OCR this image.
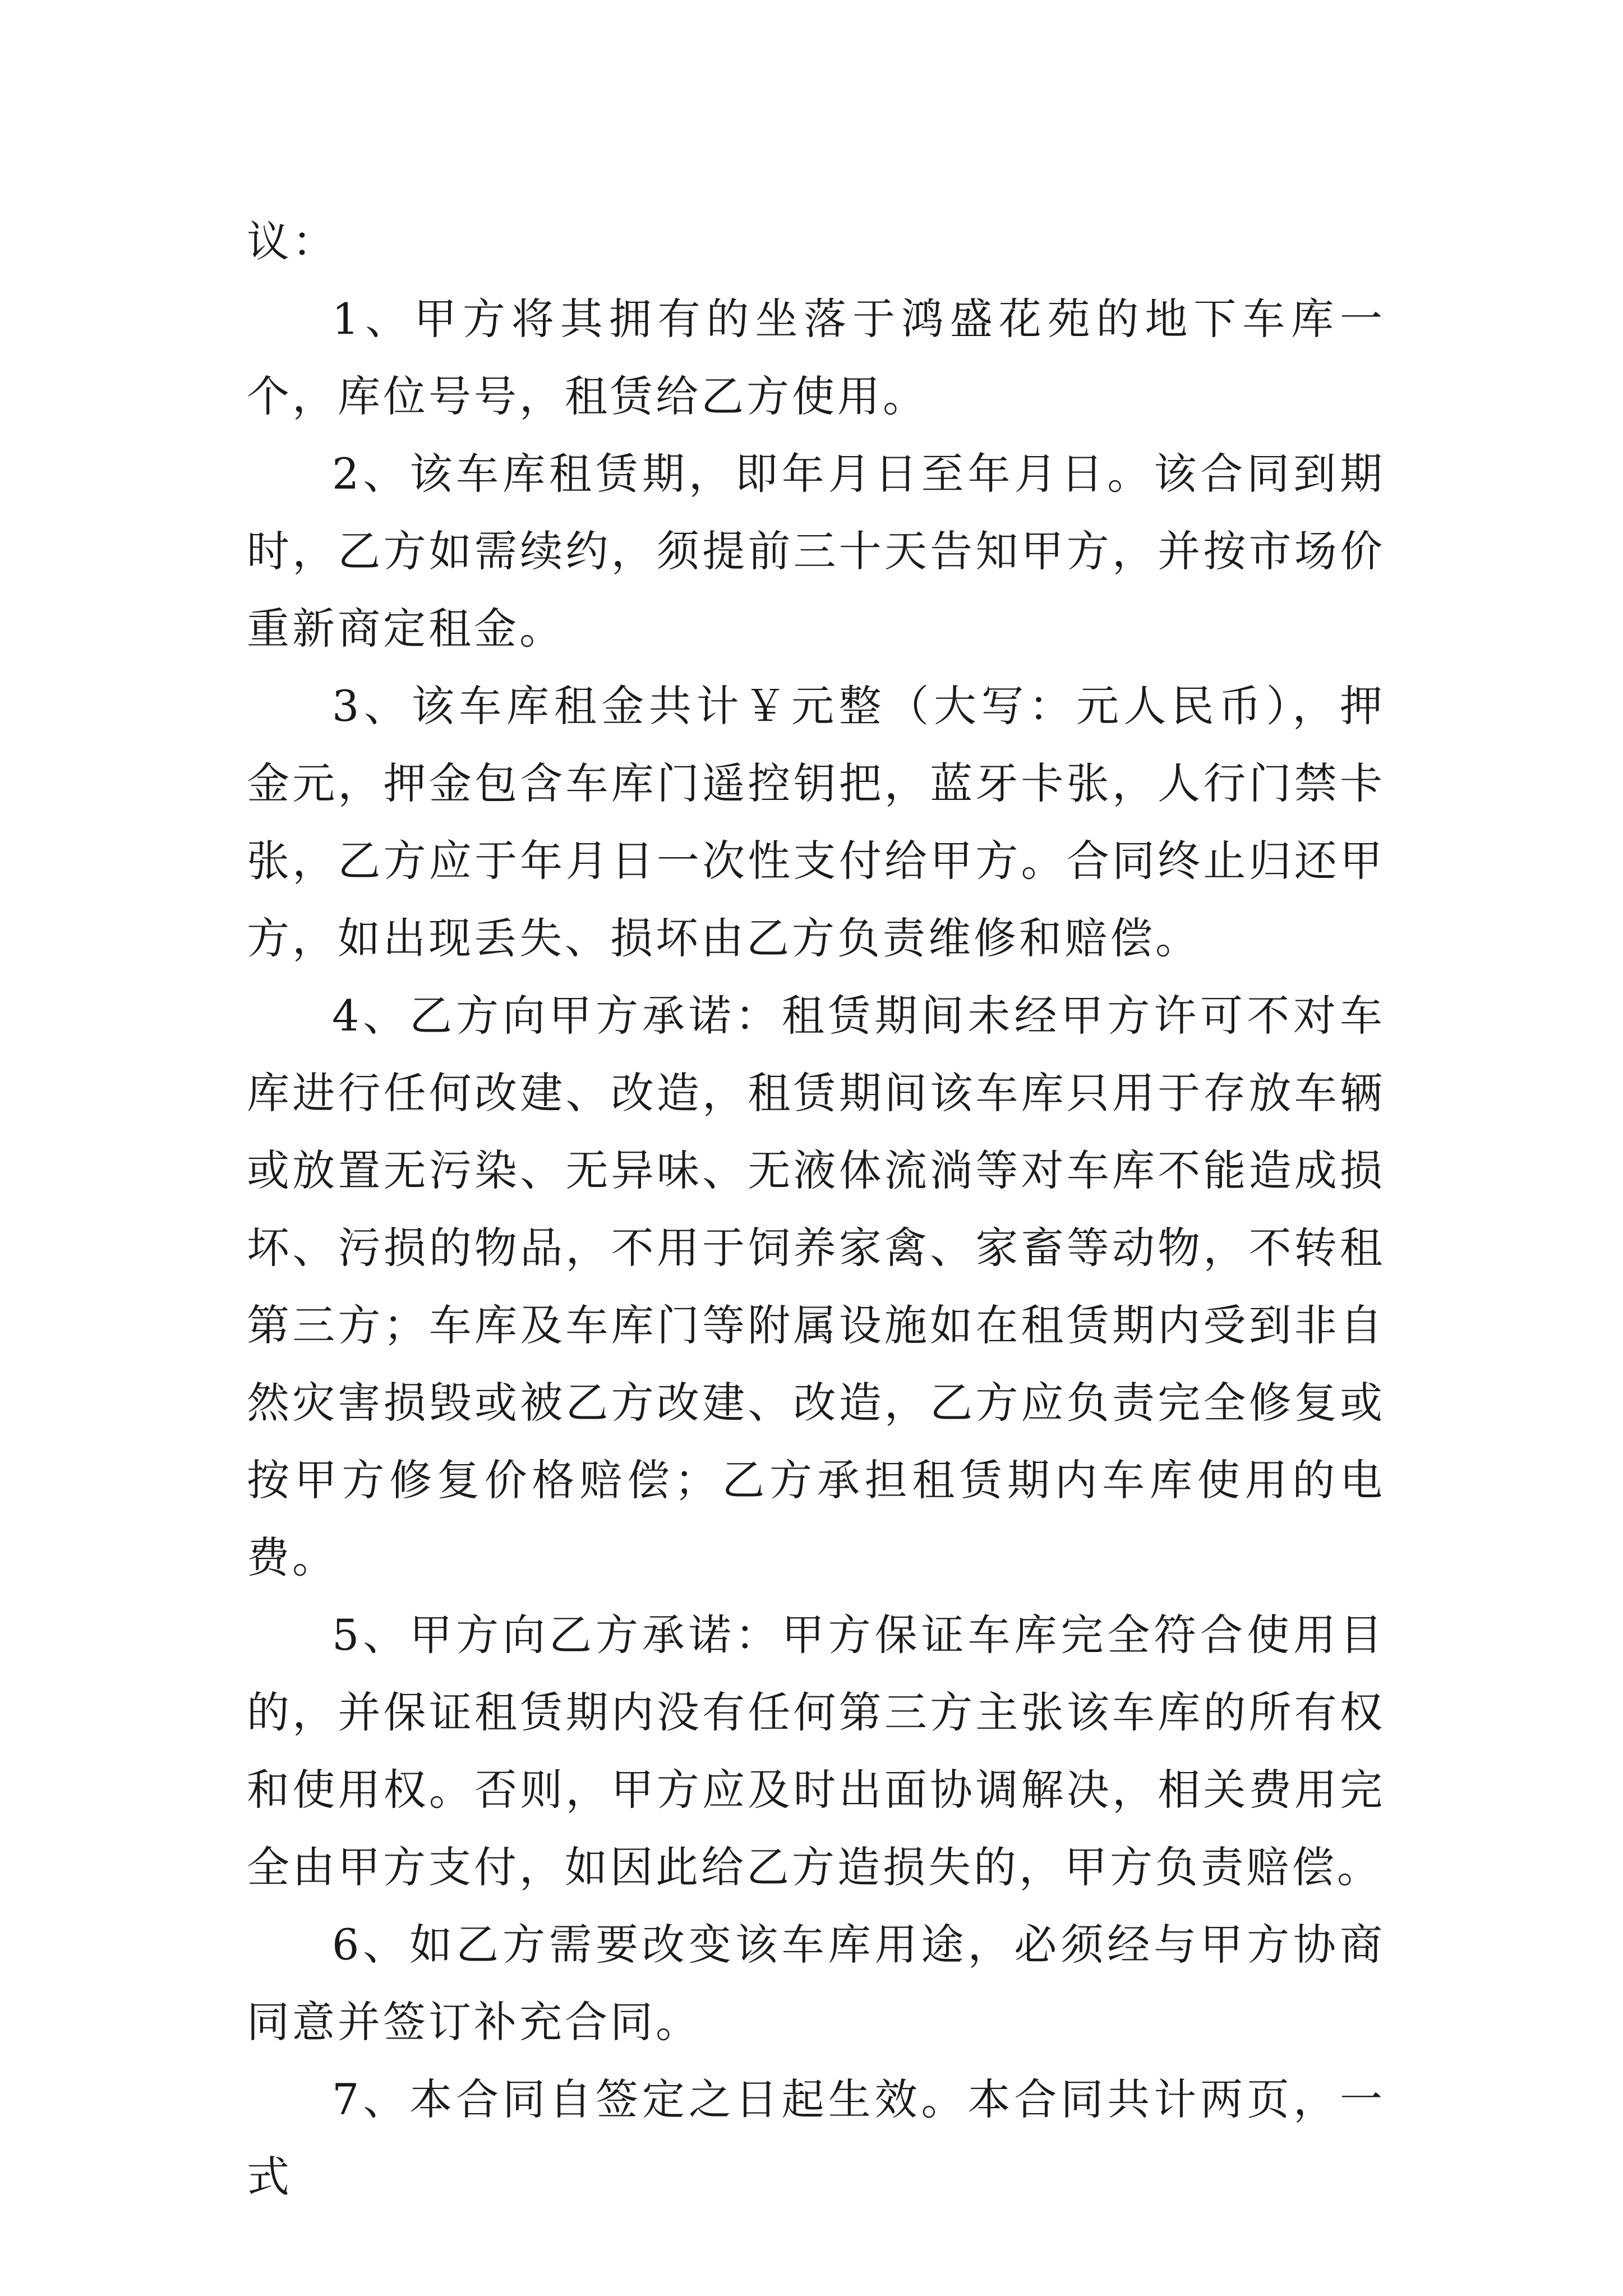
议：

1、甲方将其拥有的坐落于鸿盛花苑的地下车库一个，库位号号，租赁给乙方使用。

2、该车库租赁期，即年月日至年月日。该合同到期时，乙方如需续约，须提前三十天告知甲方，并按市场价重新商定租金。

3、该车库租金共计￥元整（大写：元人民币），押金元，押金包含车库门遥控钥把，蓝牙卡张，人行门禁卡张，乙方应于年月日一次性支付给甲方。合同终止归还甲方，如出现丢失、损坏由乙方负责维修和赔偿。

4、乙方向甲方承诺：租赁期间未经甲方许可不对车库进行任何改建、改造，租赁期间该车库只用于存放车辆或放置无污染、无异味、无液体流淌等对车库不能造成损坏、污损的物品，不用于饲养家禽、家畜等动物，不转租第三方；车库及车库门等附属设施如在租赁期内受到非自然灾害损毁或被乙方改建、改造，乙方应负责完全修复或按甲方修复价格赔偿；乙方承担租赁期内车库使用的电费。

5、甲方向乙方承诺：甲方保证车库完全符合使用目的，并保证租赁期内没有任何第三方主张该车库的所有权和使用权。否则，甲方应及时出面协调解决，相关费用完全由甲方支付，如因此给乙方造损失的，甲方负责赔偿。

6、如乙方需要改变该车库用途，必须经与甲方协商同意并签订补充合同。

7、本合同自签定之日起生效。本合同共计两页，一式
